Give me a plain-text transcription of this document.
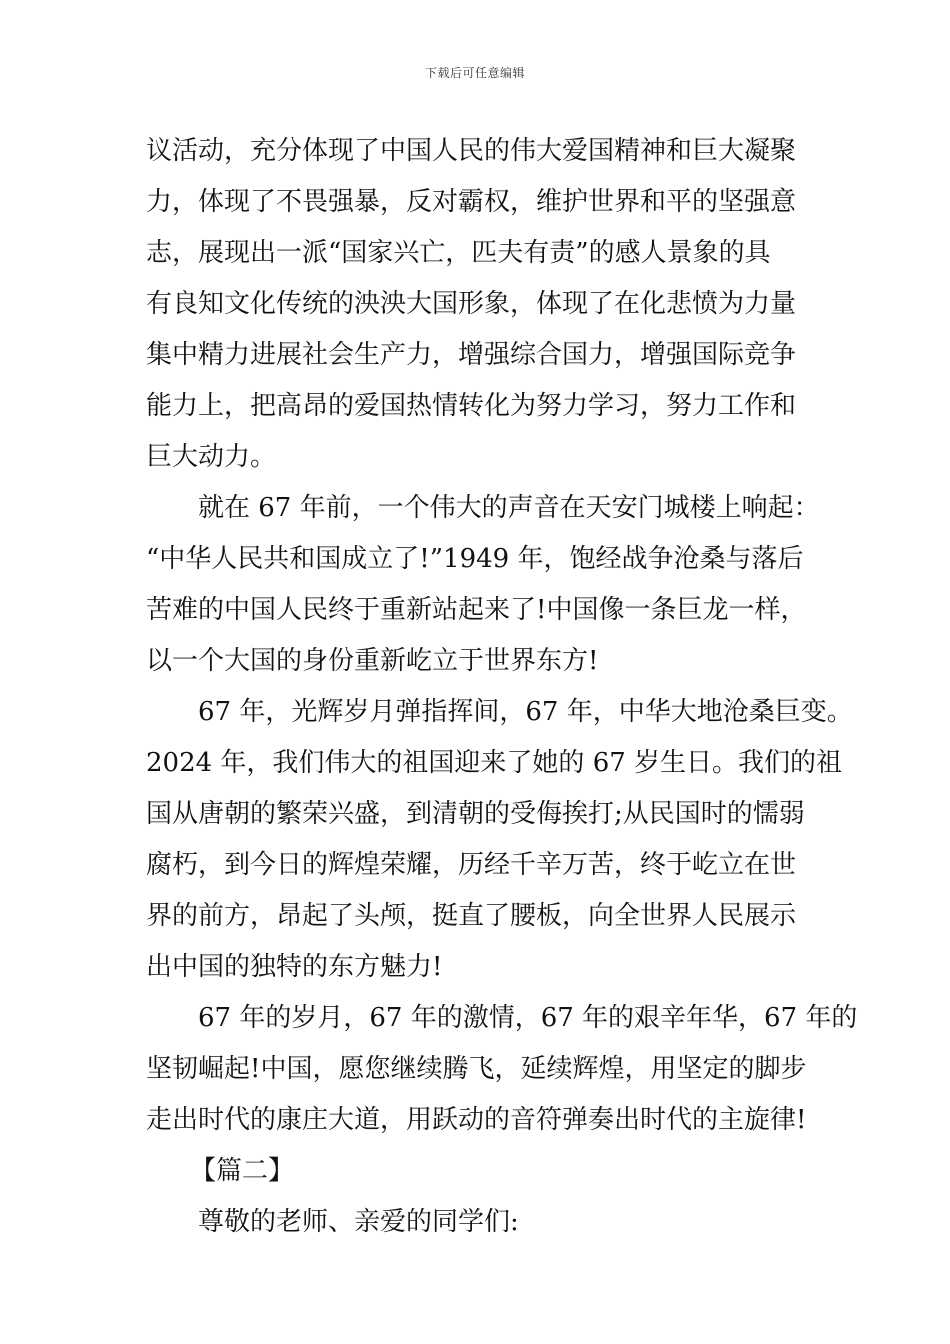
下载后可任意编辑
议活动，充分体现了中国人民的伟大爱国精神和巨大凝聚
力，体现了不畏强暴，反对霸权，维护世界和平的坚强意
志，展现出一派“国家兴亡，匹夫有责”的感人景象的具
有良知文化传统的泱泱大国形象，体现了在化悲愤为力量
集中精力进展社会生产力，增强综合国力，增强国际竞争
能力上，把高昂的爱国热情转化为努力学习，努力工作和
巨大动力。
就在 67 年前，一个伟大的声音在天安门城楼上响起：
“中华人民共和国成立了!”1949 年，饱经战争沧桑与落后
苦难的中国人民终于重新站起来了!中国像一条巨龙一样，
以一个大国的身份重新屹立于世界东方!
67 年，光辉岁月弹指挥间，67 年，中华大地沧桑巨变。
2024 年，我们伟大的祖国迎来了她的 67 岁生日。我们的祖
国从唐朝的繁荣兴盛，到清朝的受侮挨打;从民国时的懦弱
腐朽，到今日的辉煌荣耀，历经千辛万苦，终于屹立在世
界的前方，昂起了头颅，挺直了腰板，向全世界人民展示
出中国的独特的东方魅力!
67 年的岁月，67 年的激情，67 年的艰辛年华，67 年的
坚韧崛起!中国，愿您继续腾飞，延续辉煌，用坚定的脚步
走出时代的康庄大道，用跃动的音符弹奏出时代的主旋律!
【篇二】
尊敬的老师、亲爱的同学们:
